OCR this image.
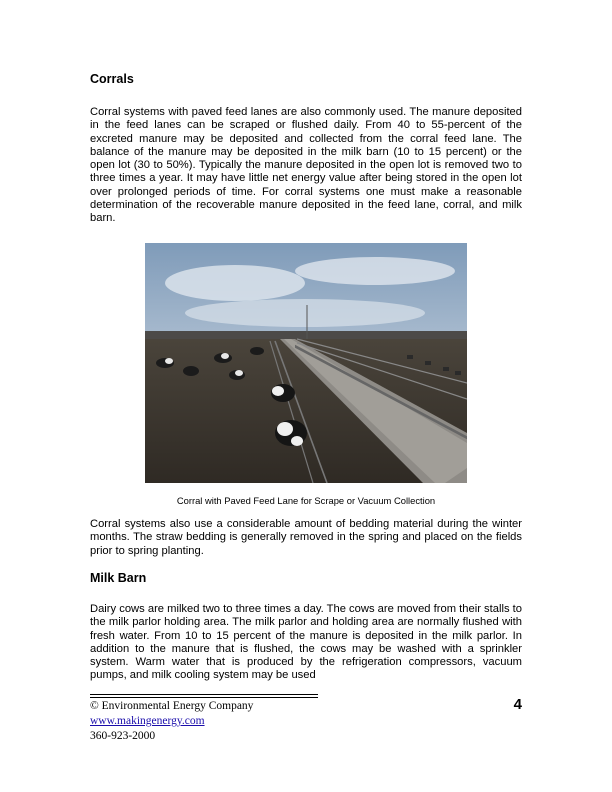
Corrals

Corral systems with paved feed lanes are also commonly used. The manure deposited in the feed lanes can be scraped or flushed daily. From 40 to 55-percent of the excreted manure may be deposited and collected from the corral feed lane. The balance of the manure may be deposited in the milk barn (10 to 15 percent) or the open lot (30 to 50%). Typically the manure deposited in the open lot is removed two to three times a year. It may have little net energy value after being stored in the open lot over prolonged periods of time. For corral systems one must make a reasonable determination of the recoverable manure deposited in the feed lane, corral, and milk barn.

Corral with Paved Feed Lane for Scrape or Vacuum Collection

Corral systems also use a considerable amount of bedding material during the winter months. The straw bedding is generally removed in the spring and placed on the fields prior to spring planting.

Milk Barn

Dairy cows are milked two to three times a day. The cows are moved from their stalls to the milk parlor holding area. The milk parlor and holding area are normally flushed with fresh water. From 10 to 15 percent of the manure is deposited in the milk parlor. In addition to the manure that is flushed, the cows may be washed with a sprinkler system. Warm water that is produced by the refrigeration compressors, vacuum pumps, and milk cooling system may be used

© Environmental Energy Company

www.makingenergy.com

360-923-2000

4
